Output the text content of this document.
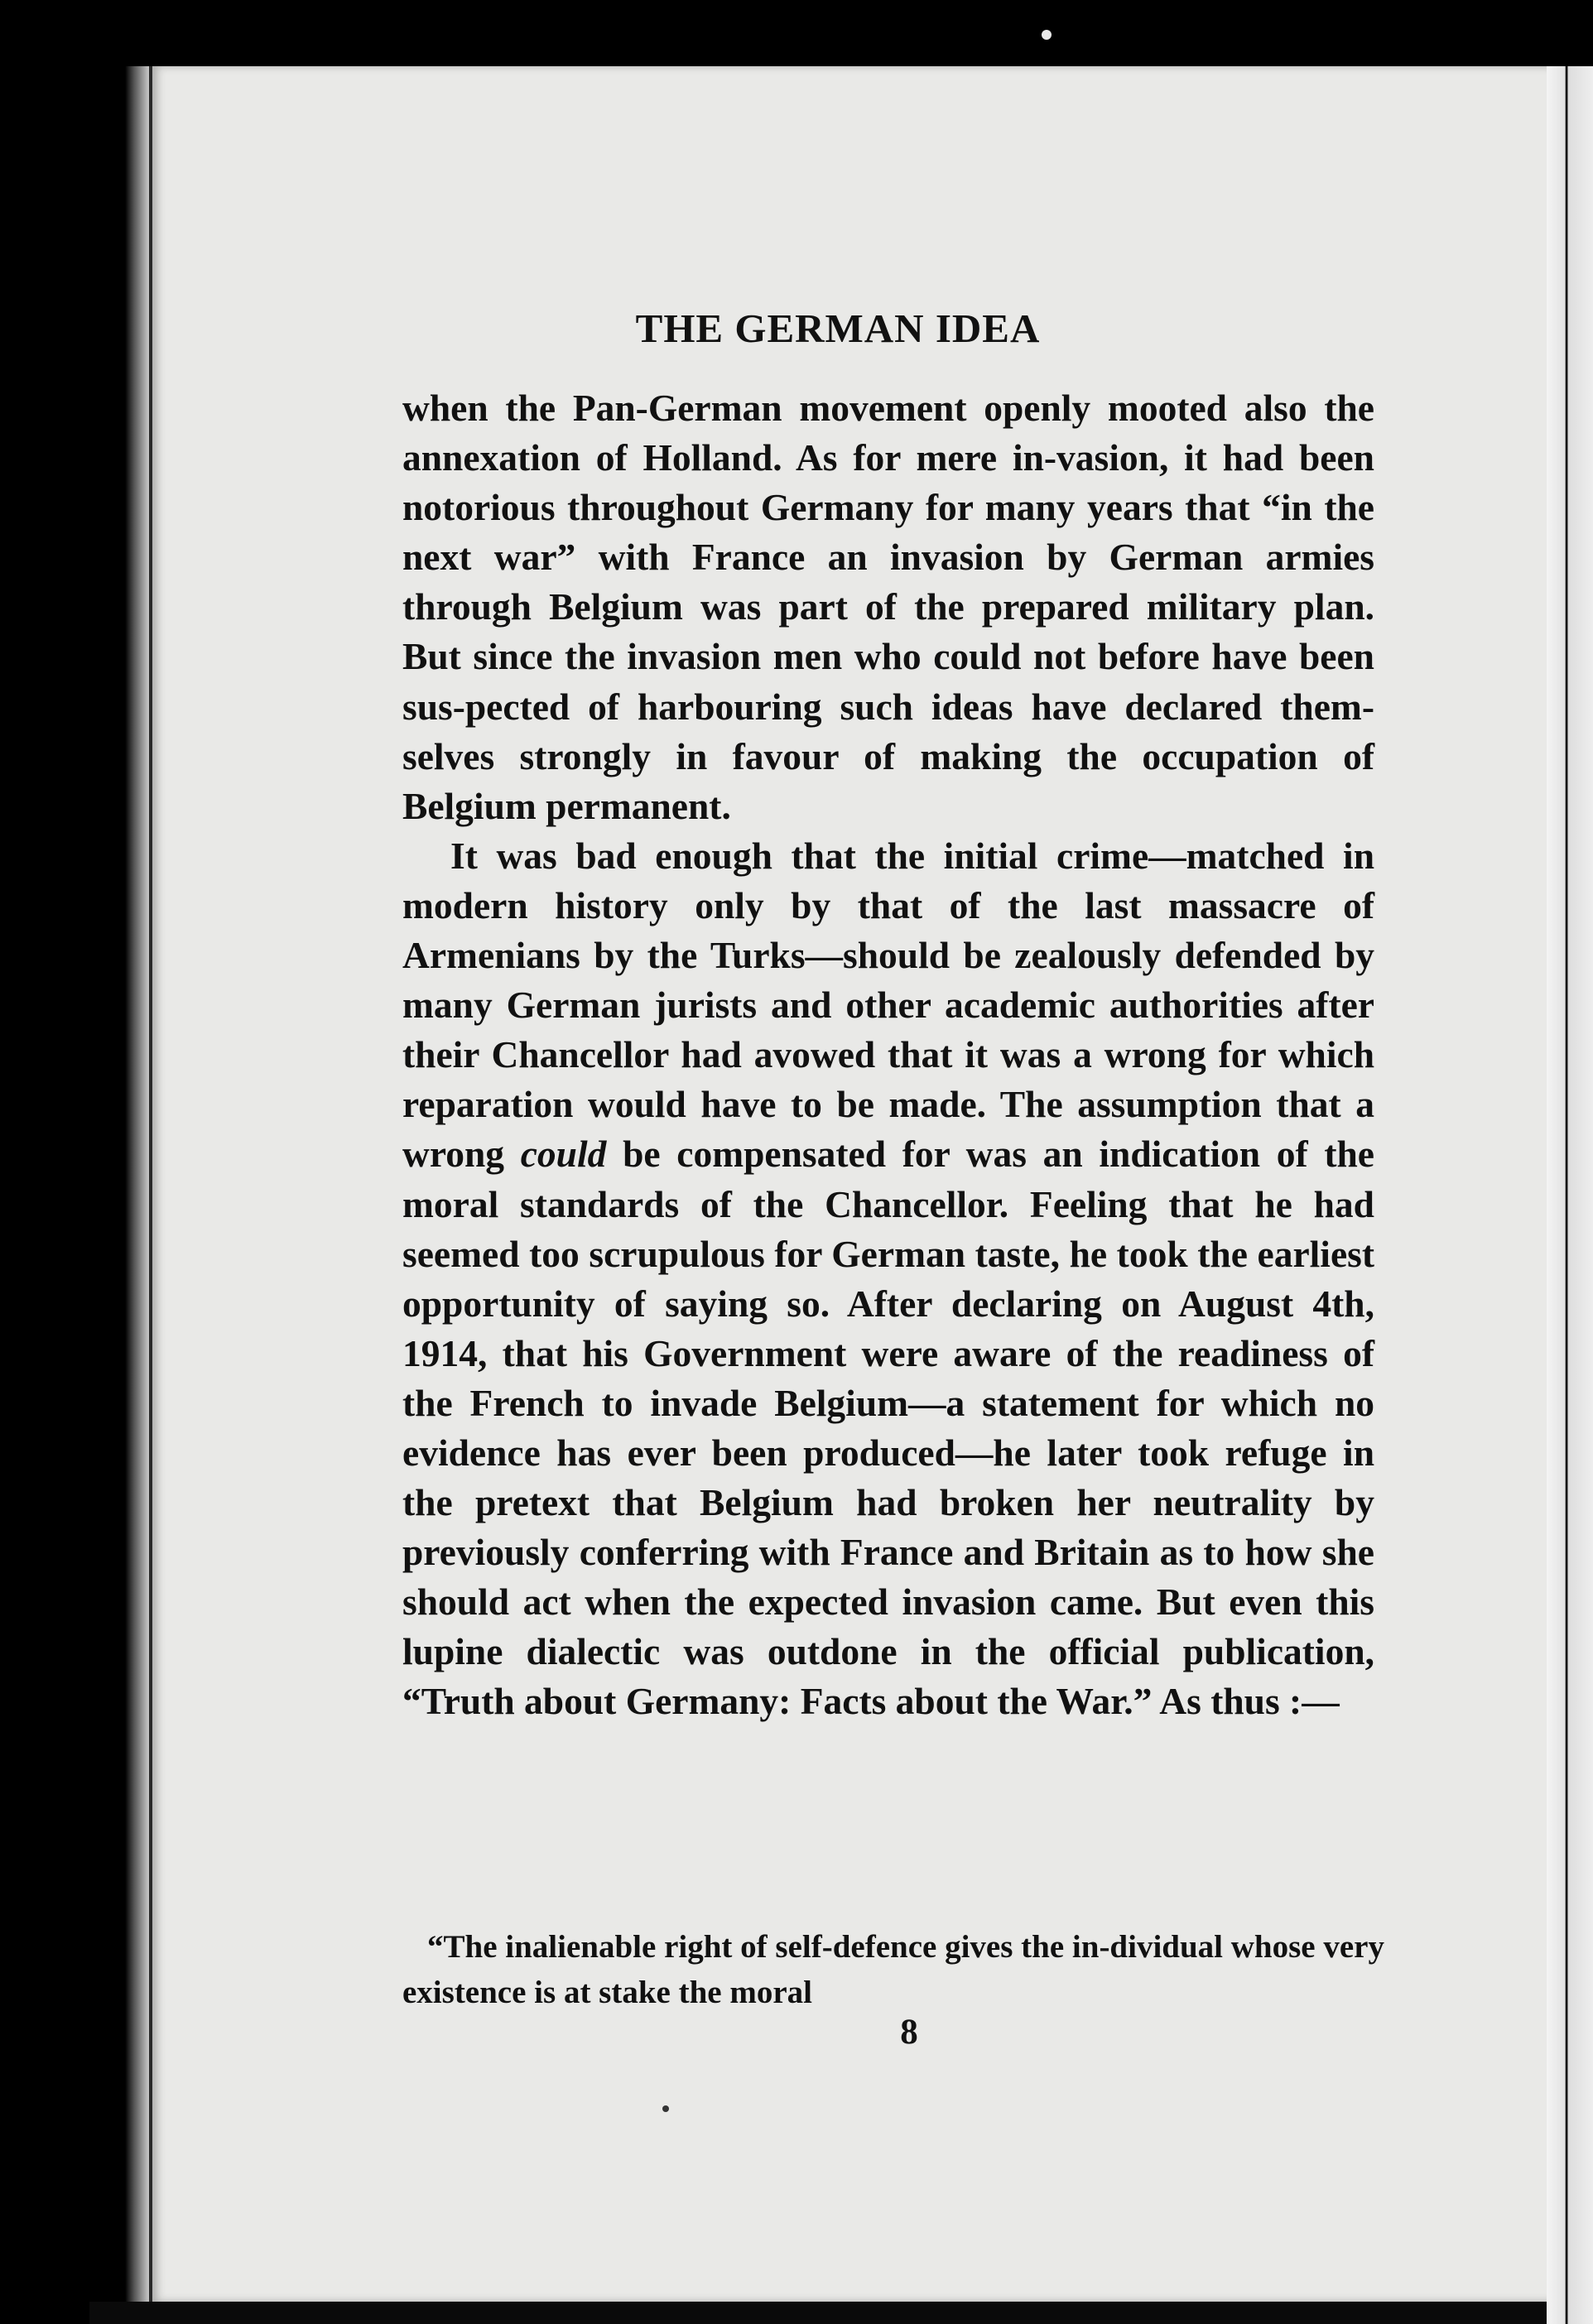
THE GERMAN IDEA

when the Pan-German movement openly mooted also the annexation of Holland. As for mere in-vasion, it had been notorious throughout Germany for many years that “in the next war” with France an invasion by German armies through Belgium was part of the prepared military plan. But since the invasion men who could not before have been sus-pected of harbouring such ideas have declared them-selves strongly in favour of making the occupation of Belgium permanent.

It was bad enough that the initial crime—matched in modern history only by that of the last massacre of Armenians by the Turks—should be zealously defended by many German jurists and other academic authorities after their Chancellor had avowed that it was a wrong for which reparation would have to be made. The assumption that a wrong could be compensated for was an indication of the moral standards of the Chancellor. Feeling that he had seemed too scrupulous for German taste, he took the earliest opportunity of saying so. After declaring on August 4th, 1914, that his Government were aware of the readiness of the French to invade Belgium—a statement for which no evidence has ever been produced—he later took refuge in the pretext that Belgium had broken her neutrality by previously conferring with France and Britain as to how she should act when the expected invasion came. But even this lupine dialectic was outdone in the official publication, “Truth about Germany: Facts about the War.” As thus :—

“The inalienable right of self-defence gives the in-dividual whose very existence is at stake the moral

8
